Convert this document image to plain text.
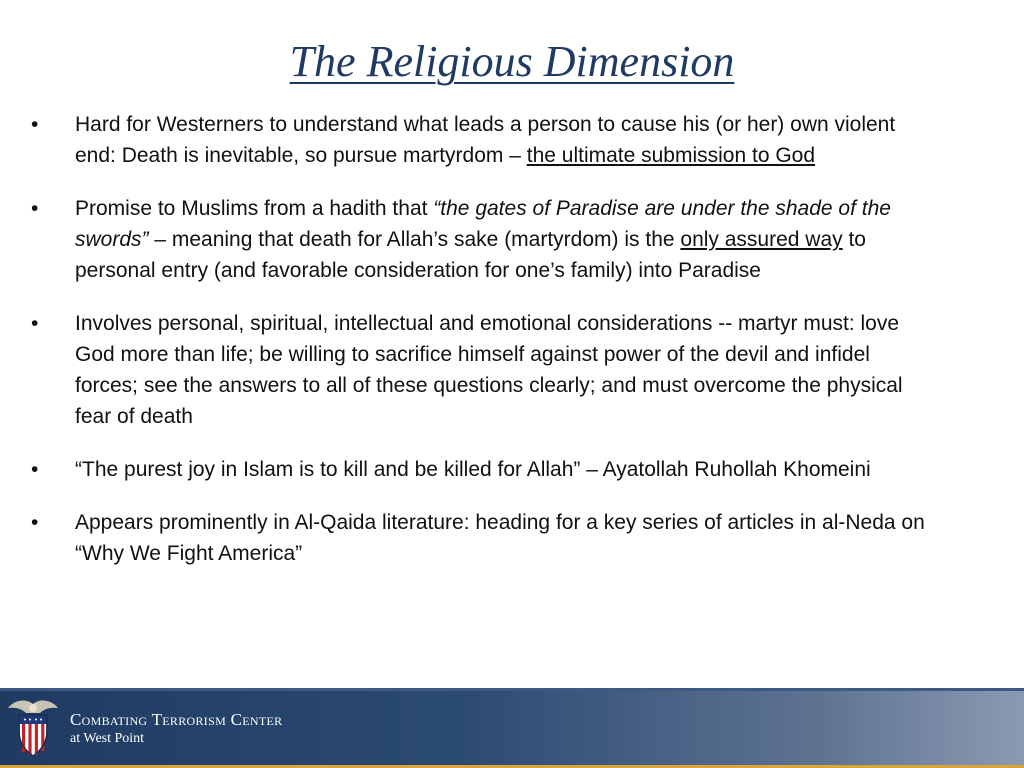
The Religious Dimension
•	Hard for Westerners to understand what leads a person to cause his (or her) own violent end: Death is inevitable, so pursue martyrdom – the ultimate submission to God
•	Promise to Muslims from a hadith that “the gates of Paradise are under the shade of the swords” – meaning that death for Allah’s sake (martyrdom) is the only assured way to personal entry (and favorable consideration for one’s family) into Paradise
•	Involves personal, spiritual, intellectual and emotional considerations -- martyr must: love God more than life; be willing to sacrifice himself against power of the devil and infidel forces; see the answers to all of these questions clearly; and must overcome the physical fear of death
•	“The purest joy in Islam is to kill and be killed for Allah” – Ayatollah Ruhollah Khomeini
•	Appears prominently in Al-Qaida literature: heading for a key series of articles in al-Neda on “Why We Fight America”
Combating Terrorism Center
at West Point
